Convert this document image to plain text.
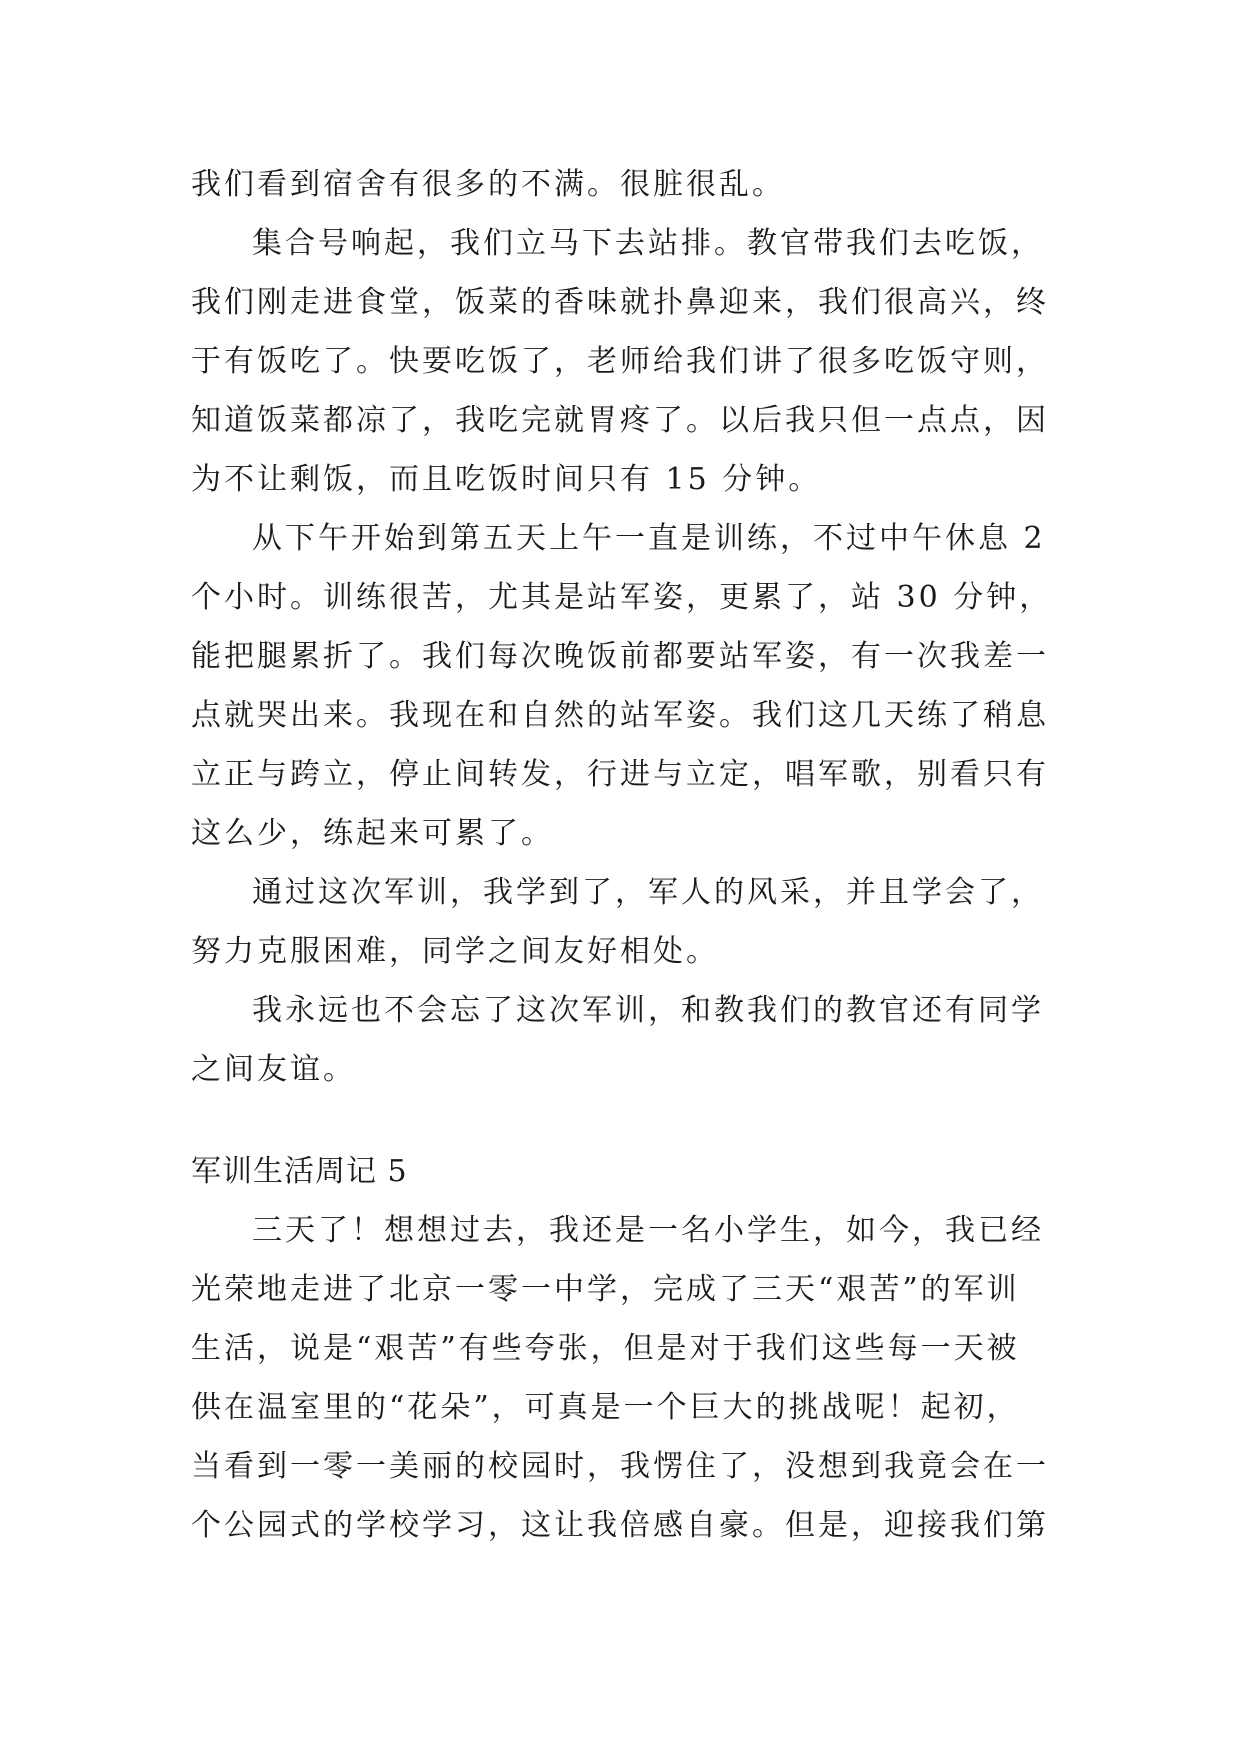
我们看到宿舍有很多的不满。很脏很乱。
集合号响起，我们立马下去站排。教官带我们去吃饭，
我们刚走进食堂，饭菜的香味就扑鼻迎来，我们很高兴，终
于有饭吃了。快要吃饭了，老师给我们讲了很多吃饭守则，
知道饭菜都凉了，我吃完就胃疼了。以后我只但一点点，因
为不让剩饭，而且吃饭时间只有 15 分钟。
从下午开始到第五天上午一直是训练，不过中午休息 2
个小时。训练很苦，尤其是站军姿，更累了，站 30 分钟，
能把腿累折了。我们每次晚饭前都要站军姿，有一次我差一
点就哭出来。我现在和自然的站军姿。我们这几天练了稍息
立正与跨立，停止间转发，行进与立定，唱军歌，别看只有
这么少，练起来可累了。
通过这次军训，我学到了，军人的风采，并且学会了，
努力克服困难，同学之间友好相处。
我永远也不会忘了这次军训，和教我们的教官还有同学
之间友谊。
军训生活周记 5
三天了！想想过去，我还是一名小学生，如今，我已经
光荣地走进了北京一零一中学，完成了三天“艰苦”的军训
生活，说是“艰苦”有些夸张，但是对于我们这些每一天被
供在温室里的“花朵”，可真是一个巨大的挑战呢！起初，
当看到一零一美丽的校园时，我愣住了，没想到我竟会在一
个公园式的学校学习，这让我倍感自豪。但是，迎接我们第
